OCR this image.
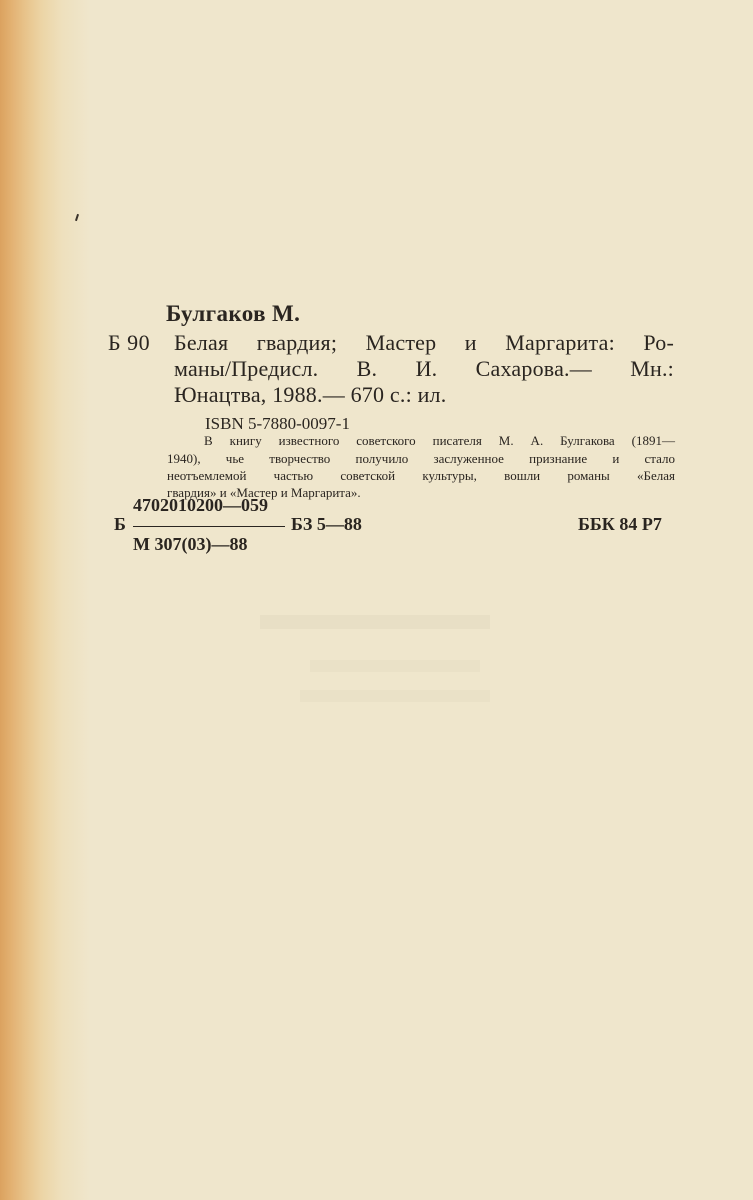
Булгаков М.
Б 90 Белая гвардия; Мастер и Маргарита: Ро-
маны/Предисл. В. И. Сахарова.— Мн.:
Юнацтва, 1988.— 670 с.: ил.
ISBN 5-7880-0097-1
В книгу известного советского писателя М. А. Булгакова (1891—
1940), чье творчество получило заслуженное признание и стало
неотъемлемой частью советской культуры, вошли романы «Белая
гвардия» и «Мастер и Маргарита».
4702010200—059
Б	БЗ 5—88
М 307(03)—88
ББК 84 Р7
